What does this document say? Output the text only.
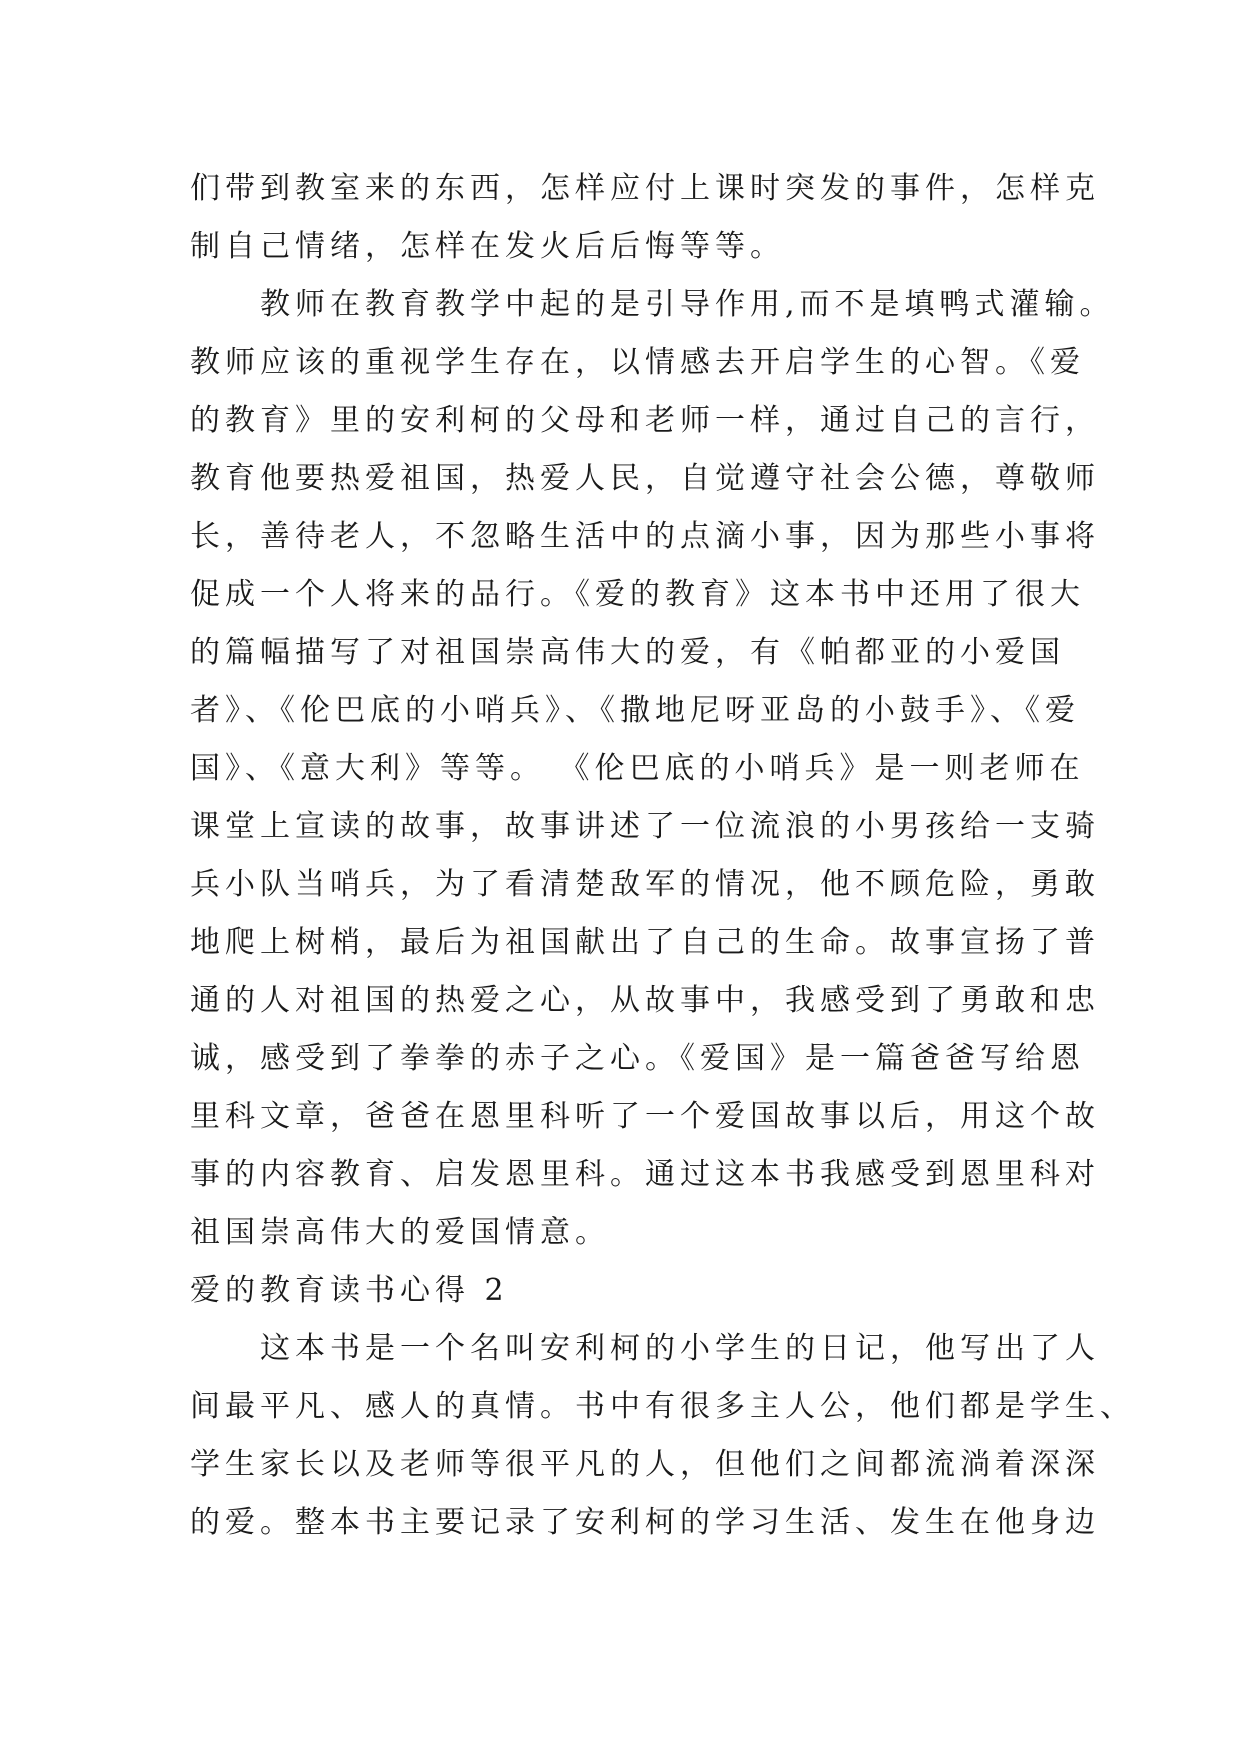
们带到教室来的东西，怎样应付上课时突发的事件，怎样克
制自己情绪，怎样在发火后后悔等等。
教师在教育教学中起的是引导作用,而不是填鸭式灌输。
教师应该的重视学生存在，以情感去开启学生的心智。《爱
的教育》里的安利柯的父母和老师一样，通过自己的言行，
教育他要热爱祖国，热爱人民，自觉遵守社会公德，尊敬师
长，善待老人，不忽略生活中的点滴小事，因为那些小事将
促成一个人将来的品行。《爱的教育》这本书中还用了很大
的篇幅描写了对祖国崇高伟大的爱，有《帕都亚的小爱国
者》、《伦巴底的小哨兵》、《撒地尼呀亚岛的小鼓手》、《爱
国》、《意大利》等等。 《伦巴底的小哨兵》是一则老师在
课堂上宣读的故事，故事讲述了一位流浪的小男孩给一支骑
兵小队当哨兵，为了看清楚敌军的情况，他不顾危险，勇敢
地爬上树梢，最后为祖国献出了自己的生命。故事宣扬了普
通的人对祖国的热爱之心，从故事中，我感受到了勇敢和忠
诚，感受到了拳拳的赤子之心。《爱国》是一篇爸爸写给恩
里科文章，爸爸在恩里科听了一个爱国故事以后，用这个故
事的内容教育、启发恩里科。通过这本书我感受到恩里科对
祖国崇高伟大的爱国情意。
爱的教育读书心得 2
这本书是一个名叫安利柯的小学生的日记，他写出了人
间最平凡、感人的真情。书中有很多主人公，他们都是学生、
学生家长以及老师等很平凡的人，但他们之间都流淌着深深
的爱。整本书主要记录了安利柯的学习生活、发生在他身边
